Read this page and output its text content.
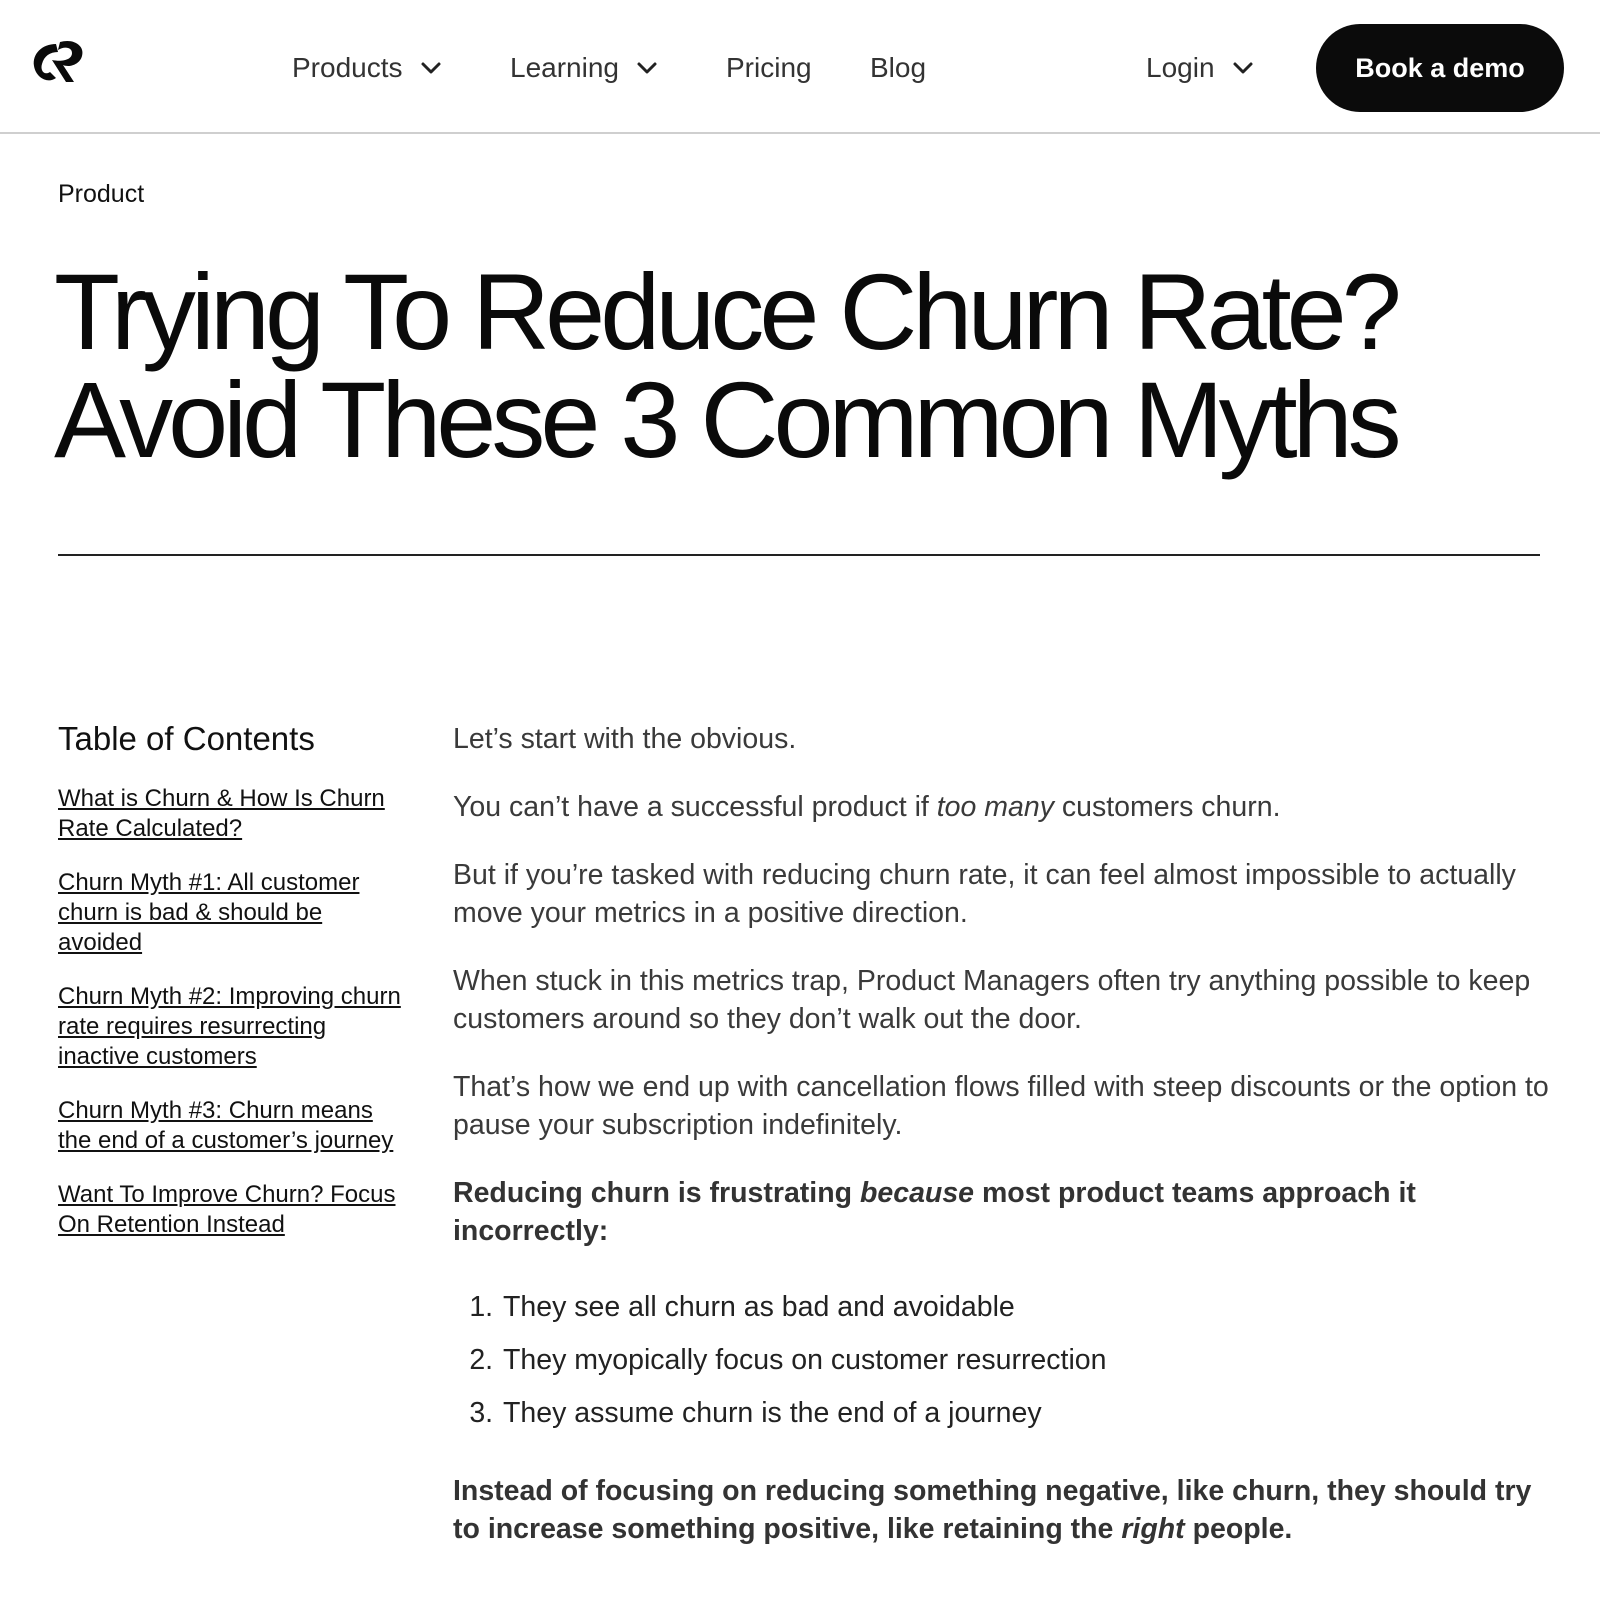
Products	Learning	Pricing Blog	Login	Book a demo
Product
Trying To Reduce Churn Rate?
Avoid These 3 Common Myths
Table of Contents
What is Churn & How Is Churn Rate Calculated?
Churn Myth #1: All customer churn is bad & should be avoided
Churn Myth #2: Improving churn rate requires resurrecting inactive customers
Churn Myth #3: Churn means the end of a customer’s journey
Want To Improve Churn? Focus On Retention Instead

Let’s start with the obvious.

You can’t have a successful product if too many customers churn.

But if you’re tasked with reducing churn rate, it can feel almost impossible to actually move your metrics in a positive direction.

When stuck in this metrics trap, Product Managers often try anything possible to keep customers around so they don’t walk out the door.

That’s how we end up with cancellation flows filled with steep discounts or the option to pause your subscription indefinitely.

Reducing churn is frustrating because most product teams approach it incorrectly:

1. They see all churn as bad and avoidable
2. They myopically focus on customer resurrection
3. They assume churn is the end of a journey

Instead of focusing on reducing something negative, like churn, they should try to increase something positive, like retaining the right people.
